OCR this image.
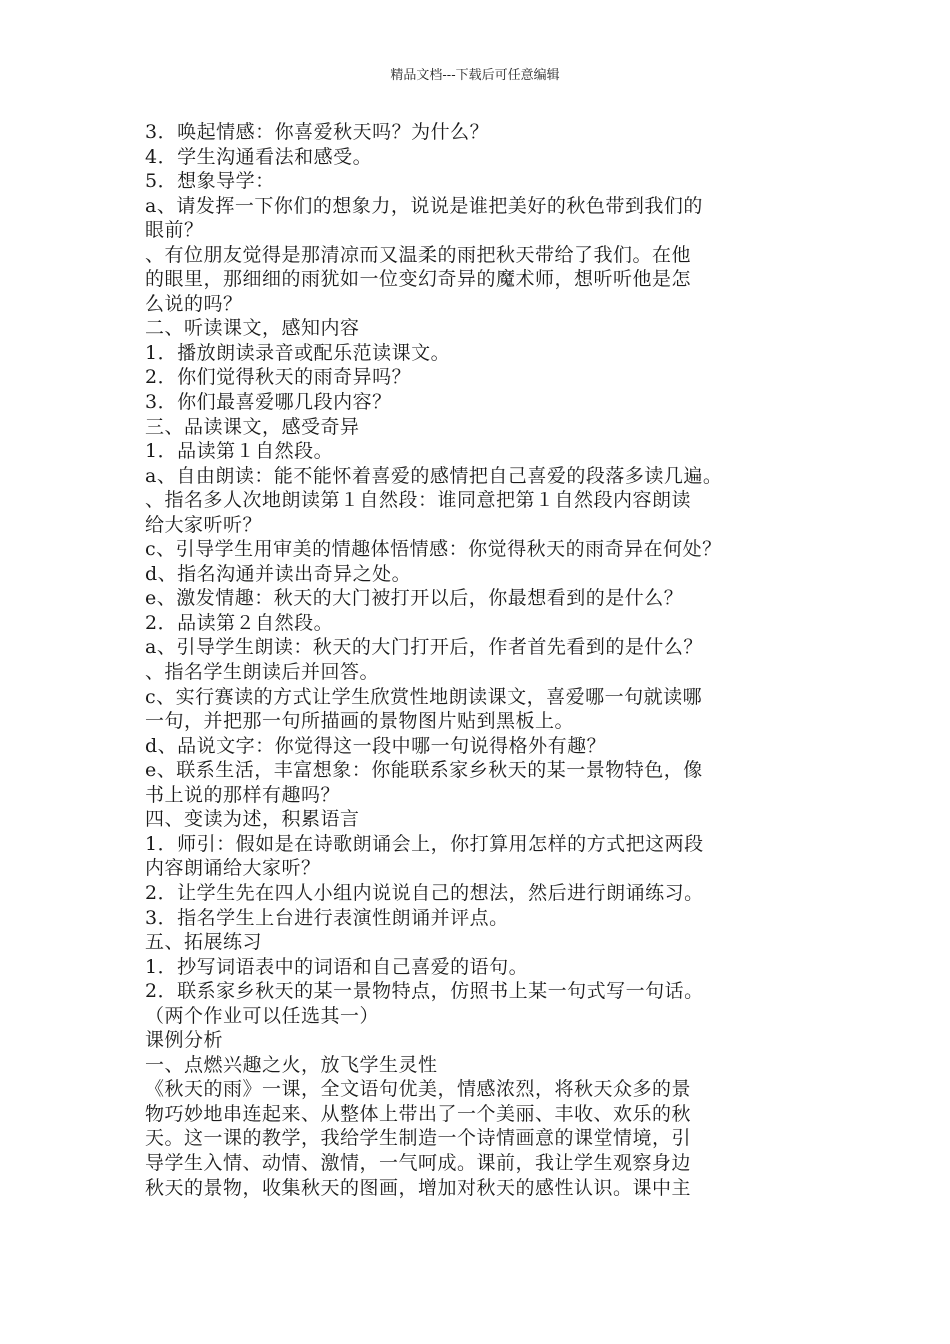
精品文档---下载后可任意编辑
3．唤起情感：你喜爱秋天吗？为什么？
4．学生沟通看法和感受。
5．想象导学：
a、请发挥一下你们的想象力，说说是谁把美好的秋色带到我们的
眼前？
、有位朋友觉得是那清凉而又温柔的雨把秋天带给了我们。在他
的眼里，那细细的雨犹如一位变幻奇异的魔术师，想听听他是怎
么说的吗？
二、听读课文，感知内容
1．播放朗读录音或配乐范读课文。
2．你们觉得秋天的雨奇异吗？
3．你们最喜爱哪几段内容？
三、品读课文，感受奇异
1．品读第１自然段。
a、自由朗读：能不能怀着喜爱的感情把自己喜爱的段落多读几遍。
、指名多人次地朗读第１自然段：谁同意把第１自然段内容朗读
给大家听听？
c、引导学生用审美的情趣体悟情感：你觉得秋天的雨奇异在何处？
d、指名沟通并读出奇异之处。
e、激发情趣：秋天的大门被打开以后，你最想看到的是什么？
2．品读第２自然段。
a、引导学生朗读：秋天的大门打开后，作者首先看到的是什么？
、指名学生朗读后并回答。
c、实行赛读的方式让学生欣赏性地朗读课文，喜爱哪一句就读哪
一句，并把那一句所描画的景物图片贴到黑板上。
d、品说文字：你觉得这一段中哪一句说得格外有趣？
e、联系生活，丰富想象：你能联系家乡秋天的某一景物特色，像
书上说的那样有趣吗？
四、变读为述，积累语言
1．师引：假如是在诗歌朗诵会上，你打算用怎样的方式把这两段
内容朗诵给大家听？
2．让学生先在四人小组内说说自己的想法，然后进行朗诵练习。
3．指名学生上台进行表演性朗诵并评点。
五、拓展练习
1．抄写词语表中的词语和自己喜爱的语句。
2．联系家乡秋天的某一景物特点，仿照书上某一句式写一句话。
（两个作业可以任选其一）
课例分析
一、点燃兴趣之火，放飞学生灵性
《秋天的雨》一课，全文语句优美，情感浓烈，将秋天众多的景
物巧妙地串连起来、从整体上带出了一个美丽、丰收、欢乐的秋
天。这一课的教学，我给学生制造一个诗情画意的课堂情境，引
导学生入情、动情、激情，一气呵成。课前，我让学生观察身边
秋天的景物，收集秋天的图画，增加对秋天的感性认识。课中主
